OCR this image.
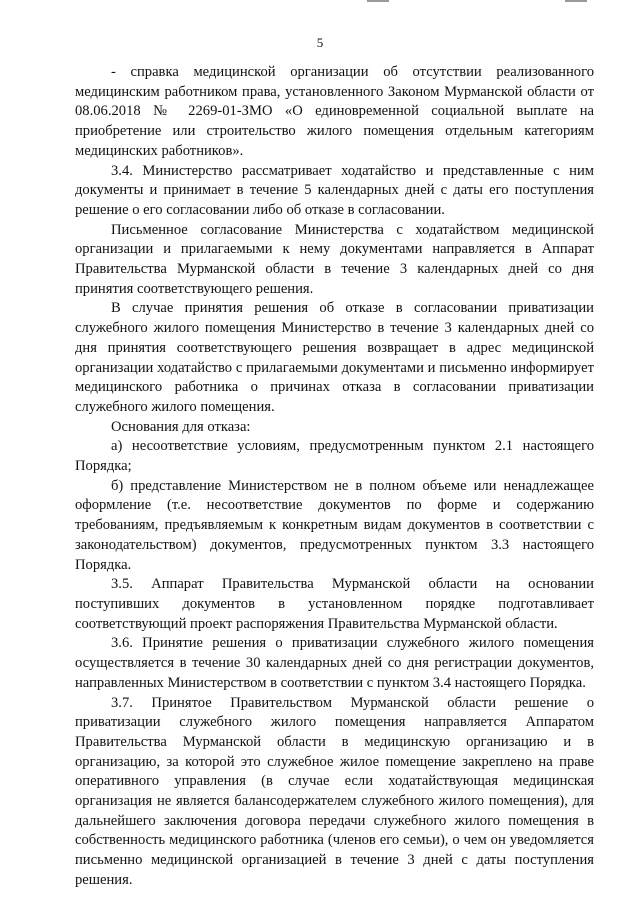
5

- справка медицинской организации об отсутствии реализованного медицинским работником права, установленного Законом Мурманской области от 08.06.2018 № 2269-01-ЗМО «О единовременной социальной выплате на приобретение или строительство жилого помещения отдельным категориям медицинских работников».

3.4. Министерство рассматривает ходатайство и представленные с ним документы и принимает в течение 5 календарных дней с даты его поступления решение о его согласовании либо об отказе в согласовании.

Письменное согласование Министерства с ходатайством медицинской организации и прилагаемыми к нему документами направляется в Аппарат Правительства Мурманской области в течение 3 календарных дней со дня принятия соответствующего решения.

В случае принятия решения об отказе в согласовании приватизации служебного жилого помещения Министерство в течение 3 календарных дней со дня принятия соответствующего решения возвращает в адрес медицинской организации ходатайство с прилагаемыми документами и письменно информирует медицинского работника о причинах отказа в согласовании приватизации служебного жилого помещения.

Основания для отказа:

а) несоответствие условиям, предусмотренным пунктом 2.1 настоящего Порядка;

б) представление Министерством не в полном объеме или ненадлежащее оформление (т.е. несоответствие документов по форме и содержанию требованиям, предъявляемым к конкретным видам документов в соответствии с законодательством) документов, предусмотренных пунктом 3.3 настоящего Порядка.

3.5. Аппарат Правительства Мурманской области на основании поступивших документов в установленном порядке подготавливает соответствующий проект распоряжения Правительства Мурманской области.

3.6. Принятие решения о приватизации служебного жилого помещения осуществляется в течение 30 календарных дней со дня регистрации документов, направленных Министерством в соответствии с пунктом 3.4 настоящего Порядка.

3.7. Принятое Правительством Мурманской области решение о приватизации служебного жилого помещения направляется Аппаратом Правительства Мурманской области в медицинскую организацию и в организацию, за которой это служебное жилое помещение закреплено на праве оперативного управления (в случае если ходатайствующая медицинская организация не является балансодержателем служебного жилого помещения), для дальнейшего заключения договора передачи служебного жилого помещения в собственность медицинского работника (членов его семьи), о чем он уведомляется письменно медицинской организацией в течение 3 дней с даты поступления решения.
